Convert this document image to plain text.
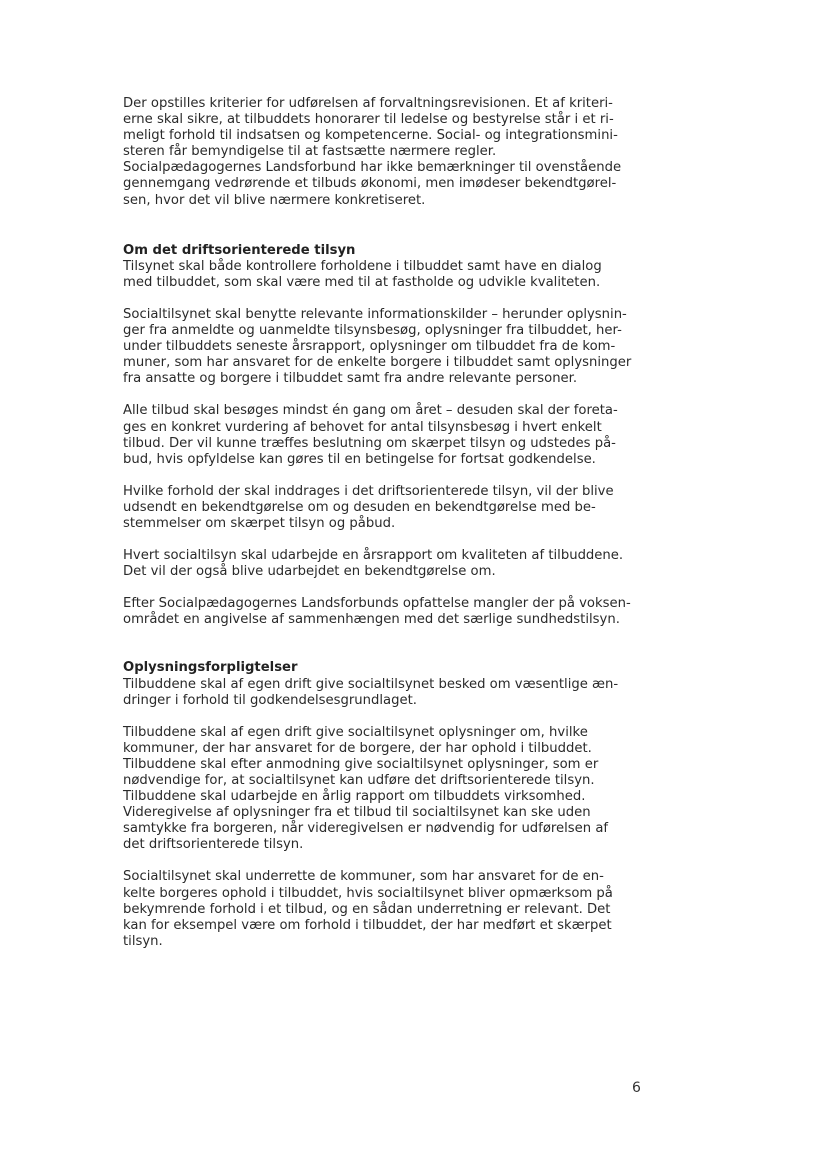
Der opstilles kriterier for udførelsen af forvaltningsrevisionen. Et af kriteri-
erne skal sikre, at tilbuddets honorarer til ledelse og bestyrelse står i et ri-
meligt forhold til indsatsen og kompetencerne. Social- og integrationsmini-
steren får bemyndigelse til at fastsætte nærmere regler.
Socialpædagogernes Landsforbund har ikke bemærkninger til ovenstående
gennemgang vedrørende et tilbuds økonomi, men imødeser bekendtgørel-
sen, hvor det vil blive nærmere konkretiseret.
Om det driftsorienterede tilsyn
Tilsynet skal både kontrollere forholdene i tilbuddet samt have en dialog
med tilbuddet, som skal være med til at fastholde og udvikle kvaliteten.
Socialtilsynet skal benytte relevante informationskilder – herunder oplysnin-
ger fra anmeldte og uanmeldte tilsynsbesøg, oplysninger fra tilbuddet, her-
under tilbuddets seneste årsrapport, oplysninger om tilbuddet fra de kom-
muner, som har ansvaret for de enkelte borgere i tilbuddet samt oplysninger
fra ansatte og borgere i tilbuddet samt fra andre relevante personer.
Alle tilbud skal besøges mindst én gang om året – desuden skal der foreta-
ges en konkret vurdering af behovet for antal tilsynsbesøg i hvert enkelt
tilbud. Der vil kunne træffes beslutning om skærpet tilsyn og udstedes på-
bud, hvis opfyldelse kan gøres til en betingelse for fortsat godkendelse.
Hvilke forhold der skal inddrages i det driftsorienterede tilsyn, vil der blive
udsendt en bekendtgørelse om og desuden en bekendtgørelse med be-
stemmelser om skærpet tilsyn og påbud.
Hvert socialtilsyn skal udarbejde en årsrapport om kvaliteten af tilbuddene.
Det vil der også blive udarbejdet en bekendtgørelse om.
Efter Socialpædagogernes Landsforbunds opfattelse mangler der på voksen-
området en angivelse af sammenhængen med det særlige sundhedstilsyn.
Oplysningsforpligtelser
Tilbuddene skal af egen drift give socialtilsynet besked om væsentlige æn-
dringer i forhold til godkendelsesgrundlaget.
Tilbuddene skal af egen drift give socialtilsynet oplysninger om, hvilke
kommuner, der har ansvaret for de borgere, der har ophold i tilbuddet.
Tilbuddene skal efter anmodning give socialtilsynet oplysninger, som er
nødvendige for, at socialtilsynet kan udføre det driftsorienterede tilsyn.
Tilbuddene skal udarbejde en årlig rapport om tilbuddets virksomhed.
Videregivelse af oplysninger fra et tilbud til socialtilsynet kan ske uden
samtykke fra borgeren, når videregivelsen er nødvendig for udførelsen af
det driftsorienterede tilsyn.
Socialtilsynet skal underrette de kommuner, som har ansvaret for de en-
kelte borgeres ophold i tilbuddet, hvis socialtilsynet bliver opmærksom på
bekymrende forhold i et tilbud, og en sådan underretning er relevant. Det
kan for eksempel være om forhold i tilbuddet, der har medført et skærpet
tilsyn.
6
